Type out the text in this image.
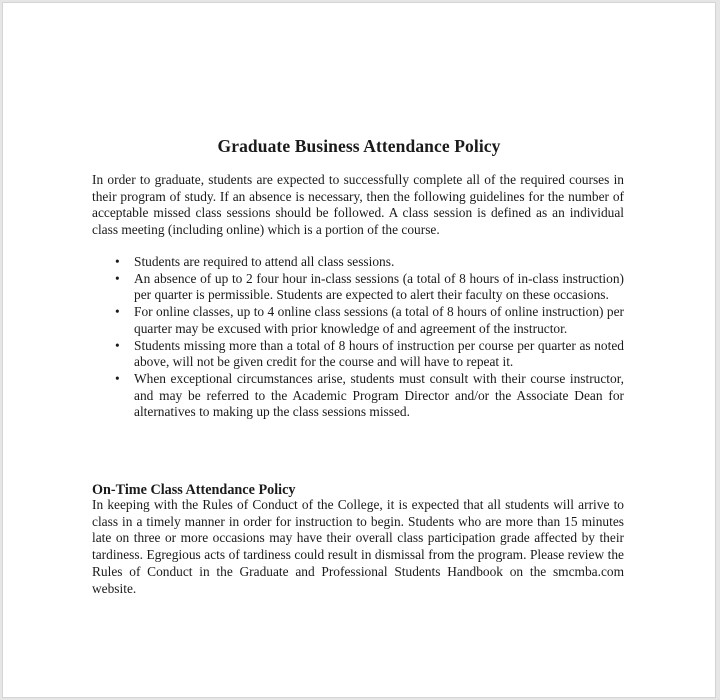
Graduate Business Attendance Policy

In order to graduate, students are expected to successfully complete all of the required courses in their program of study. If an absence is necessary, then the following guidelines for the number of acceptable missed class sessions should be followed. A class session is defined as an individual class meeting (including online) which is a portion of the course.

• Students are required to attend all class sessions.
• An absence of up to 2 four hour in-class sessions (a total of 8 hours of in-class instruction) per quarter is permissible. Students are expected to alert their faculty on these occasions.
• For online classes, up to 4 online class sessions (a total of 8 hours of online instruction) per quarter may be excused with prior knowledge of and agreement of the instructor.
• Students missing more than a total of 8 hours of instruction per course per quarter as noted above, will not be given credit for the course and will have to repeat it.
• When exceptional circumstances arise, students must consult with their course instructor, and may be referred to the Academic Program Director and/or the Associate Dean for alternatives to making up the class sessions missed.
On-Time Class Attendance Policy

In keeping with the Rules of Conduct of the College, it is expected that all students will arrive to class in a timely manner in order for instruction to begin. Students who are more than 15 minutes late on three or more occasions may have their overall class participation grade affected by their tardiness. Egregious acts of tardiness could result in dismissal from the program. Please review the Rules of Conduct in the Graduate and Professional Students Handbook on the smcmba.com website.
